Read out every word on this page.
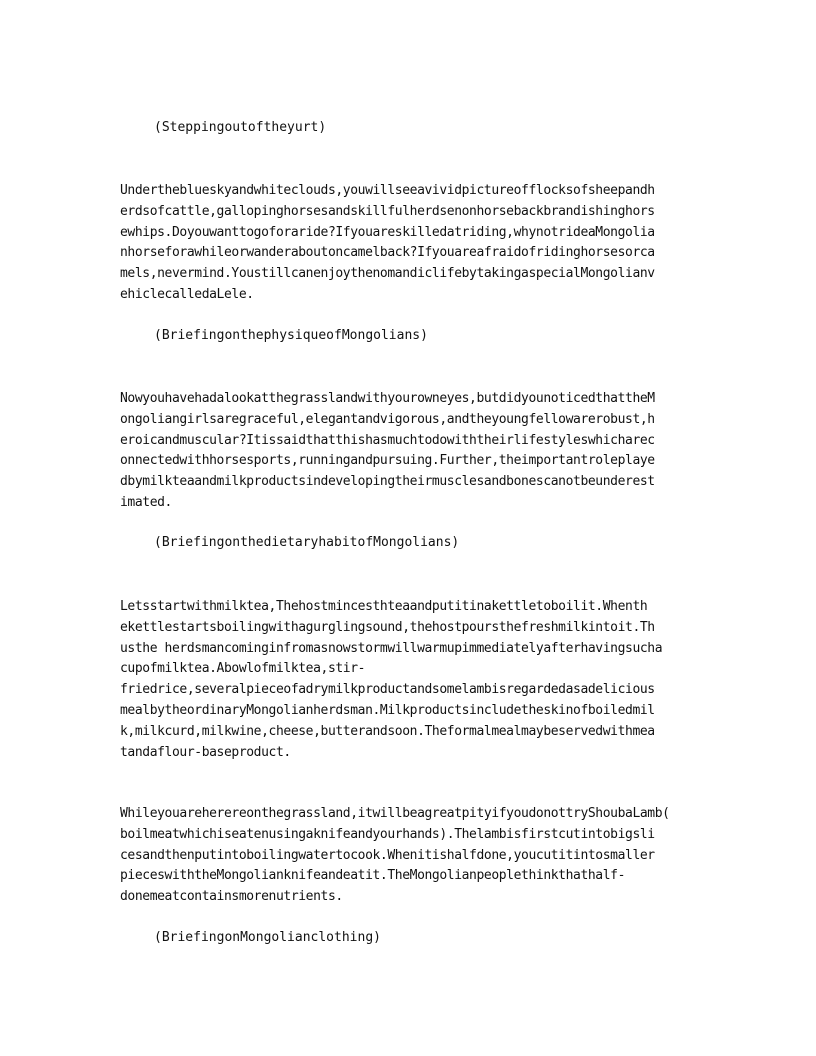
(Steppingoutoftheyurt)
Undertheblueskyandwhiteclouds,youwillseeavividpictureofflocksofsheepandh
erdsofcattle,gallopinghorsesandskillfulherdsenonhorsebackbrandishinghors
ewhips.Doyouwanttogoforaride?Ifyouareskilledatriding,whynotrideaMongolia
nhorseforawhileorwanderaboutoncamelback?Ifyouareafraidofridinghorsesorca
mels,nevermind.YoustillcanenjoythenomandiclifebytakingaspecialMongolianv
ehiclecalledaLele.
(BriefingonthephysiqueofMongolians)
Nowyouhavehadalookatthegrasslandwithyourowneyes,butdidyounoticedthattheM
ongoliangirlsaregraceful,elegantandvigorous,andtheyoungfellowarerobust,h
eroicandmuscular?Itissaidthatthishasmuchtodowiththeirlifestyleswhicharec
onnectedwithhorsesports,runningandpursuing.Further,theimportantroleplaye
dbymilkteaandmilkproductsindevelopingtheirmusclesandbonescanotbeunderest
imated.
(BriefingonthedietaryhabitofMongolians)
Letsstartwithmilktea,Thehostmincesthteaandputitinakettletoboilit.Whenth
ekettlestartsboilingwithagurglingsound,thehostpoursthefreshmilkintoit.Th
usthe herdsmancominginfromasnowstormwillwarmupimmediatelyafterhavingsucha
cupofmilktea.Abowlofmilktea,stir-
friedrice,severalpieceofadrymilkproductandsomelambisregardedasadelicious
mealbytheordinaryMongolianherdsman.Milkproductsincludetheskinofboiledmil
k,milkcurd,milkwine,cheese,butterandsoon.Theformalmealmaybeservedwithmea
tandaflour-baseproduct.
Whileyouareherereonthegrassland,itwillbeagreatpityifyoudonottryShoubaLamb(
boilmeatwhichiseatenusingaknifeandyourhands).Thelambisfirstcutintobigsli
cesandthenputintoboilingwatertocook.Whenitishalfdone,youcutitintosmaller
pieceswiththeMongolianknifeandeatit.TheMongolianpeoplethinkthathalf-
donemeatcontainsmorenutrients.
(BriefingonMongolianclothing)
